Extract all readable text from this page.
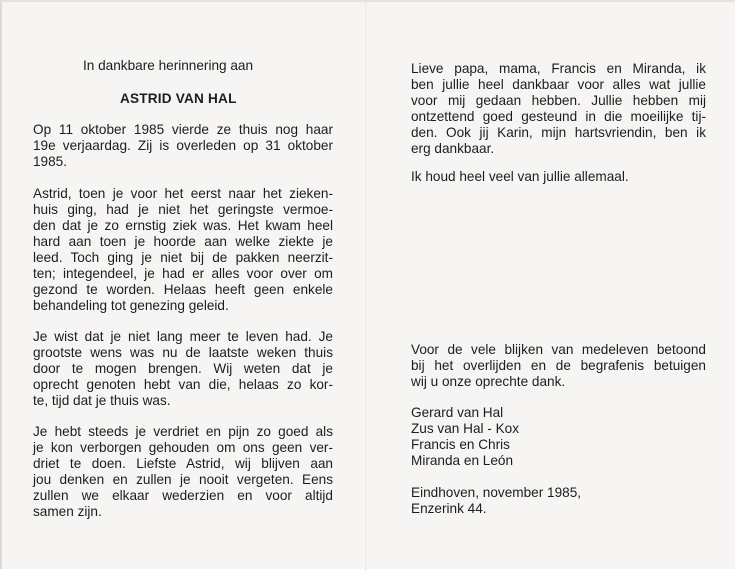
In dankbare herinnering aan
ASTRID VAN HAL
Op 11 oktober 1985 vierde ze thuis nog haar
19e verjaardag. Zij is overleden op 31 oktober
1985.
Astrid, toen je voor het eerst naar het zieken-
huis ging, had je niet het geringste vermoe-
den dat je zo ernstig ziek was. Het kwam heel
hard aan toen je hoorde aan welke ziekte je
leed. Toch ging je niet bij de pakken neerzit-
ten; integendeel, je had er alles voor over om
gezond te worden. Helaas heeft geen enkele
behandeling tot genezing geleid.
Je wist dat je niet lang meer te leven had. Je
grootste wens was nu de laatste weken thuis
door te mogen brengen. Wij weten dat je
oprecht genoten hebt van die, helaas zo kor-
te, tijd dat je thuis was.
Je hebt steeds je verdriet en pijn zo goed als
je kon verborgen gehouden om ons geen ver-
driet te doen. Liefste Astrid, wij blijven aan
jou denken en zullen je nooit vergeten. Eens
zullen we elkaar wederzien en voor altijd
samen zijn.
Lieve papa, mama, Francis en Miranda, ik
ben jullie heel dankbaar voor alles wat jullie
voor mij gedaan hebben. Jullie hebben mij
ontzettend goed gesteund in die moeilijke tij-
den. Ook jij Karin, mijn hartsvriendin, ben ik
erg dankbaar.
Ik houd heel veel van jullie allemaal.
Voor de vele blijken van medeleven betoond
bij het overlijden en de begrafenis betuigen
wij u onze oprechte dank.
Gerard van Hal
Zus van Hal - Kox
Francis en Chris
Miranda en León
Eindhoven, november 1985,
Enzerink 44.
